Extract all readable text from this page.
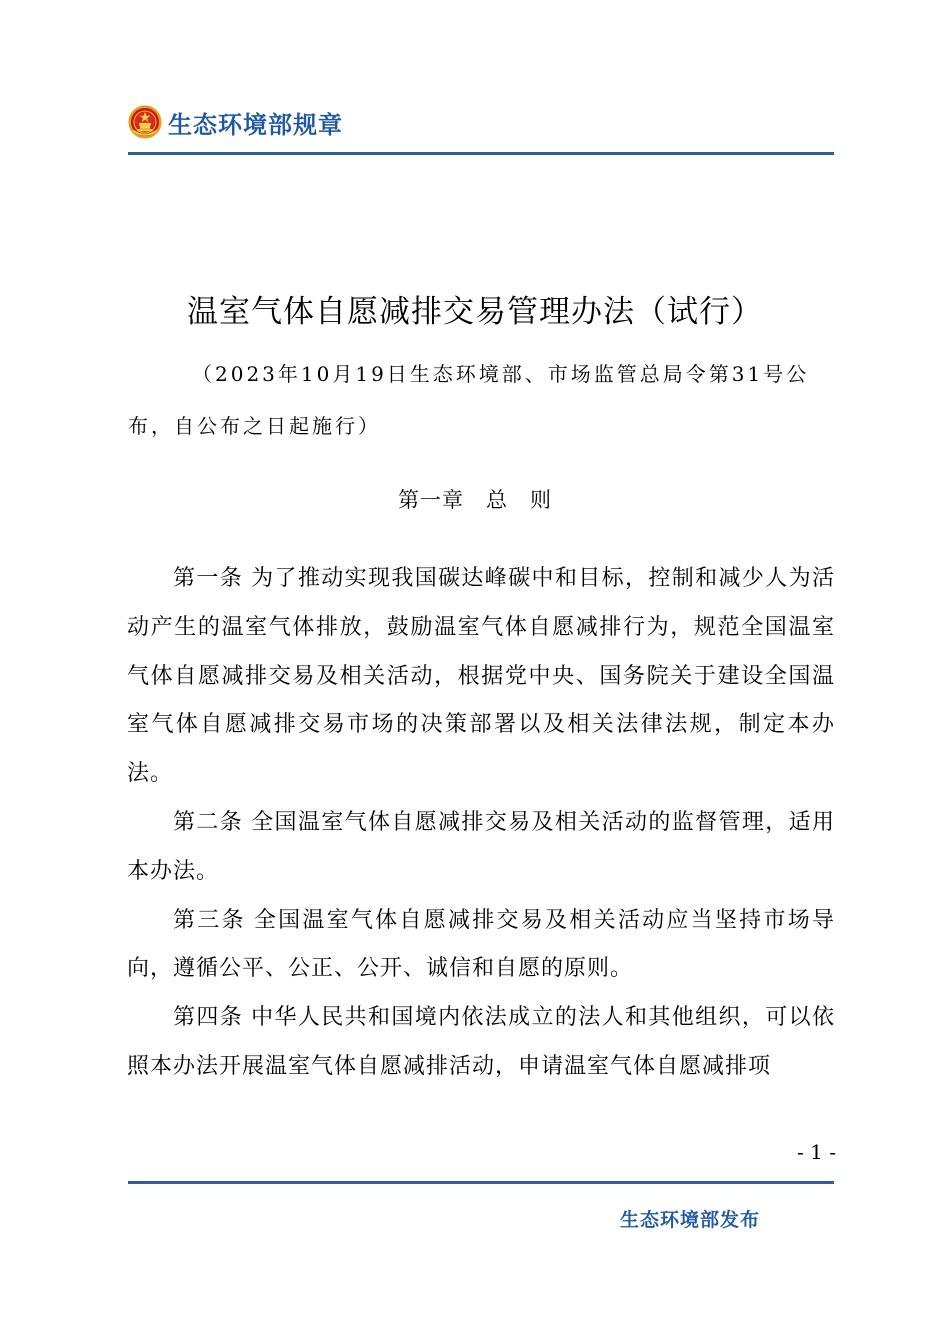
生态环境部规章
温室气体自愿减排交易管理办法（试行）
（2023年10月19日生态环境部、市场监管总局令第31号公布，自公布之日起施行）
第一章　总　则

第一条 为了推动实现我国碳达峰碳中和目标，控制和减少人为活动产生的温室气体排放，鼓励温室气体自愿减排行为，规范全国温室气体自愿减排交易及相关活动，根据党中央、国务院关于建设全国温室气体自愿减排交易市场的决策部署以及相关法律法规，制定本办法。

第二条 全国温室气体自愿减排交易及相关活动的监督管理，适用本办法。

第三条 全国温室气体自愿减排交易及相关活动应当坚持市场导向，遵循公平、公正、公开、诚信和自愿的原则。

第四条 中华人民共和国境内依法成立的法人和其他组织，可以依照本办法开展温室气体自愿减排活动，申请温室气体自愿减排项

- 1 -
生态环境部发布
